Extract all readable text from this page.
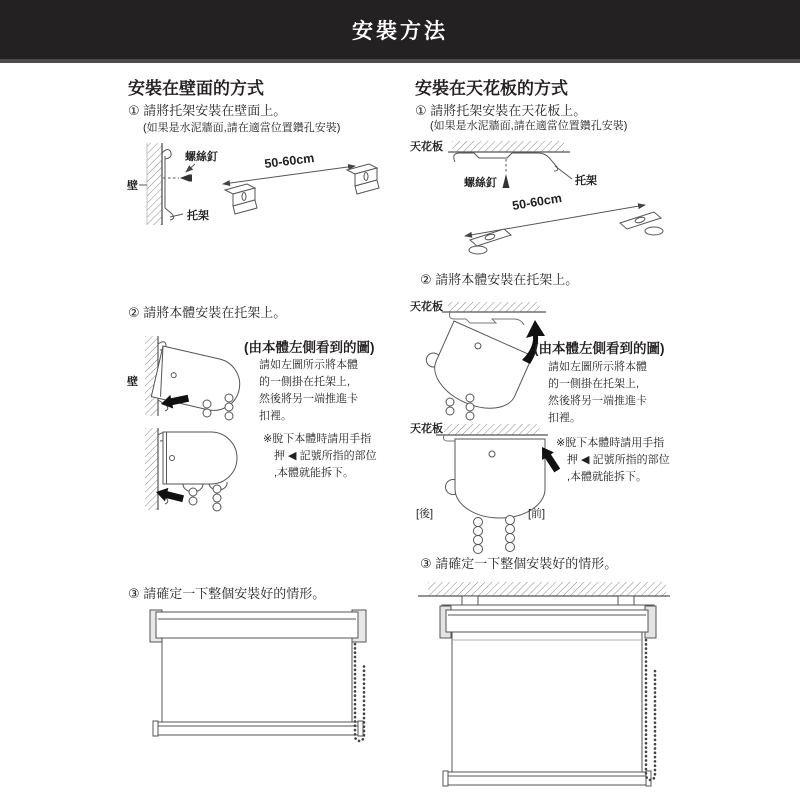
安裝方法
安裝在壁面的方式
① 請將托架安裝在壁面上。
(如果是水泥牆面,請在適當位置鑽孔安裝)
壁
螺絲釘
托架
50-60cm
② 請將本體安裝在托架上。
壁
(由本體左側看到的圖)
請如左圖所示將本體
的一側掛在托架上,
然後將另一端推進卡
扣裡。
※脫下本體時請用手指
押 ◀ 記號所指的部位
,本體就能拆下。
③ 請確定一下整個安裝好的情形。
安裝在天花板的方式
① 請將托架安裝在天花板上。
(如果是水泥牆面,請在適當位置鑽孔安裝)
天花板
螺絲釘	托架
50-60cm
② 請將本體安裝在托架上。
天花板
(由本體左側看到的圖)
請如左圖所示將本體
的一側掛在托架上,
然後將另一端推進卡
扣裡。
天花板
[後]	[前]
※脫下本體時請用手指
押 ◀ 記號所指的部位
,本體就能拆下。
③ 請確定一下整個安裝好的情形。
